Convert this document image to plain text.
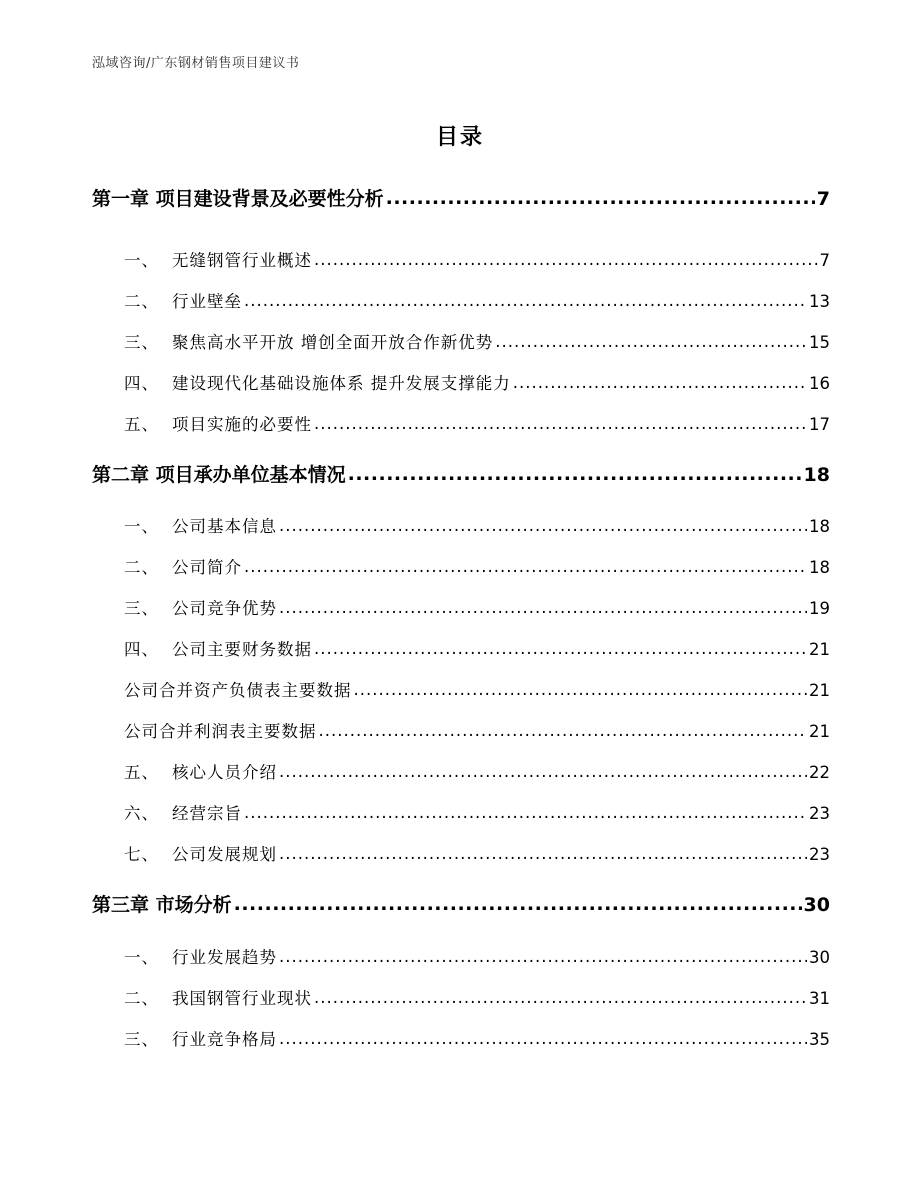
泓域咨询/广东钢材销售项目建议书
目录
第一章 项目建设背景及必要性分析 .....	7
一、 无缝钢管行业概述 .....	7
二、 行业壁垒 .....	13
三、 聚焦高水平开放 增创全面开放合作新优势 .....	15
四、 建设现代化基础设施体系 提升发展支撑能力 .....	16
五、 项目实施的必要性 .....	17
第二章 项目承办单位基本情况 .....	18
一、 公司基本信息 .....	18
二、 公司简介 .....	18
三、 公司竞争优势 .....	19
四、 公司主要财务数据 .....	21
公司合并资产负债表主要数据 .....	21
公司合并利润表主要数据 .....	21
五、 核心人员介绍 .....	22
六、 经营宗旨 .....	23
七、 公司发展规划 .....	23
第三章 市场分析 .....	30
一、 行业发展趋势 .....	30
二、 我国钢管行业现状 .....	31
三、 行业竞争格局 .....	35
